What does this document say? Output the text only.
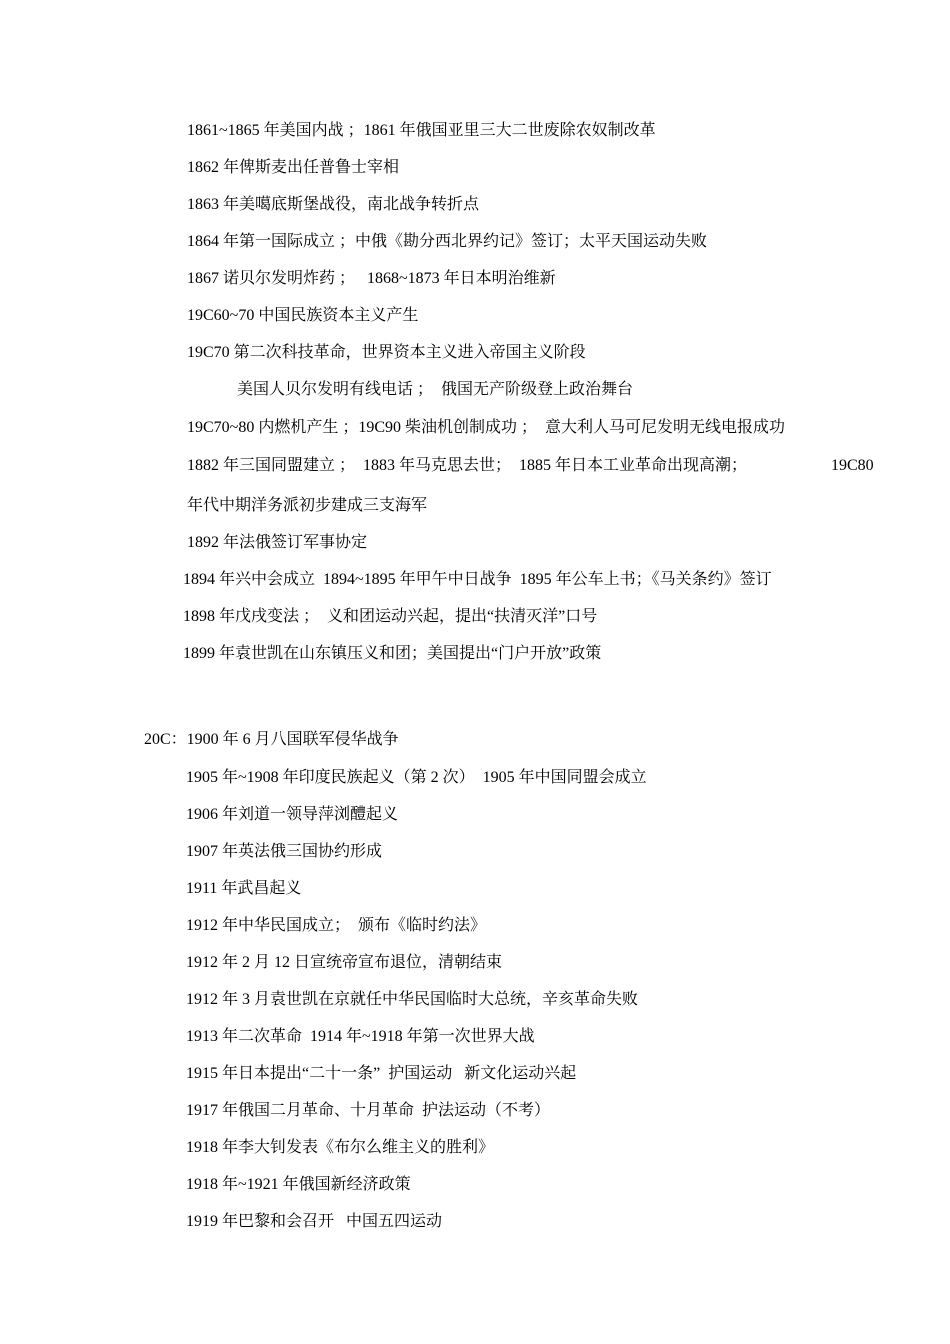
1861~1865 年美国内战 ；1861 年俄国亚里三大二世废除农奴制改革
1862 年俾斯麦出任普鲁士宰相
1863 年美噶底斯堡战役，南北战争转折点
1864 年第一国际成立 ；中俄《勘分西北界约记》签订；太平天国运动失败
1867 诺贝尔发明炸药 ；   1868~1873 年日本明治维新
19C60~70 中国民族资本主义产生
19C70 第二次科技革命，世界资本主义进入帝国主义阶段
美国人贝尔发明有线电话 ；  俄国无产阶级登上政治舞台
19C70~80 内燃机产生 ；19C90 柴油机创制成功 ；  意大利人马可尼发明无线电报成功
1882 年三国同盟建立 ；  1883 年马克思去世；  1885 年日本工业革命出现高潮；	19C80
年代中期洋务派初步建成三支海军
1892 年法俄签订军事协定
1894 年兴中会成立  1894~1895 年甲午中日战争  1895 年公车上书；《马关条约》签订
1898 年戊戌变法 ；  义和团运动兴起，提出“扶清灭洋”口号
1899 年袁世凯在山东镇压义和团；美国提出“门户开放”政策
20C：1900 年 6 月八国联军侵华战争
1905 年~1908 年印度民族起义（第 2 次）  1905 年中国同盟会成立
1906 年刘道一领导萍浏醴起义
1907 年英法俄三国协约形成
1911 年武昌起义
1912 年中华民国成立；  颁布《临时约法》
1912 年 2 月 12 日宣统帝宣布退位，清朝结束
1912 年 3 月袁世凯在京就任中华民国临时大总统，辛亥革命失败
1913 年二次革命  1914 年~1918 年第一次世界大战
1915 年日本提出“二十一条”  护国运动   新文化运动兴起
1917 年俄国二月革命、十月革命  护法运动（不考）
1918 年李大钊发表《布尔么维主义的胜利》
1918 年~1921 年俄国新经济政策
1919 年巴黎和会召开   中国五四运动
